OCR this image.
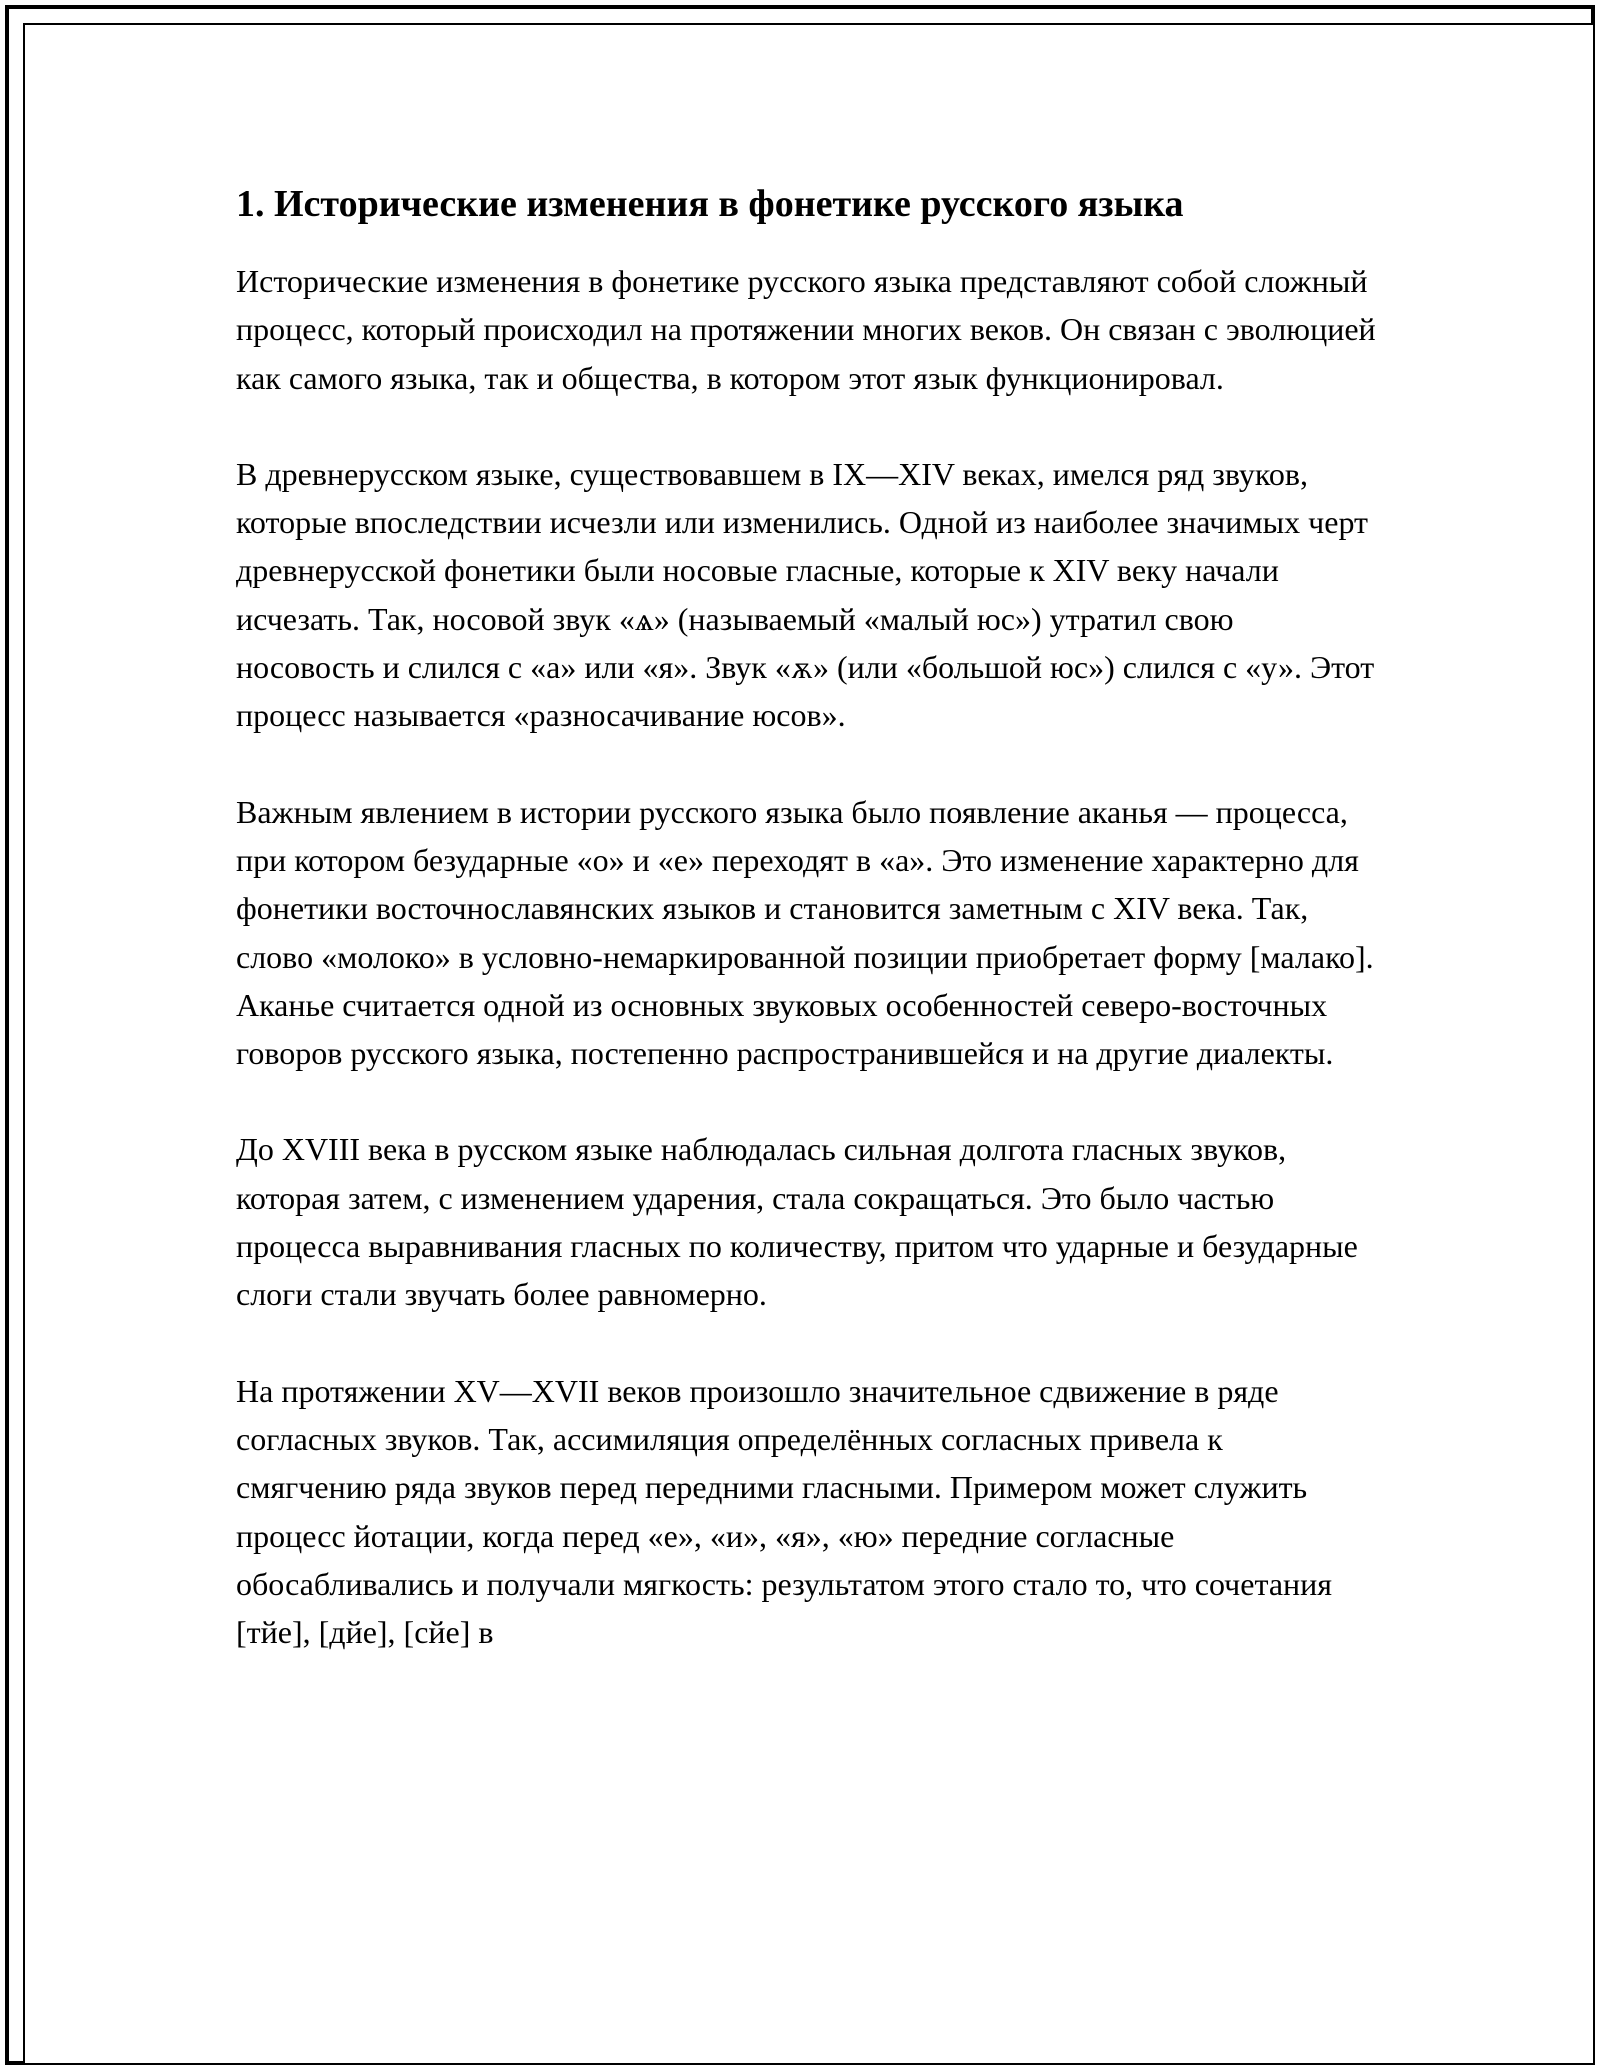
1. Исторические изменения в фонетике русского языка

Исторические изменения в фонетике русского языка представляют собой сложный процесс, который происходил на протяжении многих веков. Он связан с эволюцией как самого языка, так и общества, в котором этот язык функционировал.

В древнерусском языке, существовавшем в IX—XIV веках, имелся ряд звуков, которые впоследствии исчезли или изменились. Одной из наиболее значимых черт древнерусской фонетики были носовые гласные, которые к XIV веку начали исчезать. Так, носовой звук «ѧ» (называемый «малый юс») утратил свою носовость и слился с «а» или «я». Звук «ѫ» (или «большой юс») слился с «у». Этот процесс называется «разносачивание юсов».

Важным явлением в истории русского языка было появление аканья — процесса, при котором безударные «о» и «е» переходят в «а». Это изменение характерно для фонетики восточнославянских языков и становится заметным с XIV века. Так, слово «молоко» в условно-немаркированной позиции приобретает форму [малако]. Аканье считается одной из основных звуковых особенностей северо-восточных говоров русского языка, постепенно распространившейся и на другие диалекты.

До XVIII века в русском языке наблюдалась сильная долгота гласных звуков, которая затем, с изменением ударения, стала сокращаться. Это было частью процесса выравнивания гласных по количеству, притом что ударные и безударные слоги стали звучать более равномерно.

На протяжении XV—XVII веков произошло значительное сдвижение в ряде согласных звуков. Так, ассимиляция определённых согласных привела к смягчению ряда звуков перед передними гласными. Примером может служить процесс йотации, когда перед «е», «и», «я», «ю» передние согласные обосабливались и получали мягкость: результатом этого стало то, что сочетания [тйе], [дйе], [сйе] в
